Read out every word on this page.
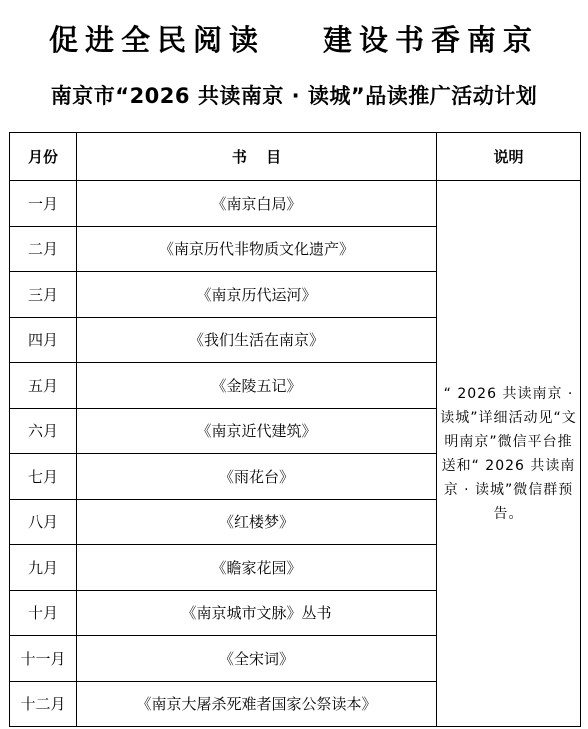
促进全民阅读 建设书香南京
南京市“2026 共读南京 · 读城”品读推广活动计划
月份	书 目	说明
一月	《南京白局》	“ 2026 共读南京 · 读城”详细活动见“文明南京”微信平台推送和“ 2026 共读南京 · 读城”微信群预告。
二月	《南京历代非物质文化遗产》	
三月	《南京历代运河》	
四月	《我们生活在南京》	
五月	《金陵五记》	
六月	《南京近代建筑》	
七月	《雨花台》	
八月	《红楼梦》	
九月	《瞻家花园》	
十月	《南京城市文脉》丛书	
十一月	《全宋词》	
十二月	《南京大屠杀死难者国家公祭读本》	
